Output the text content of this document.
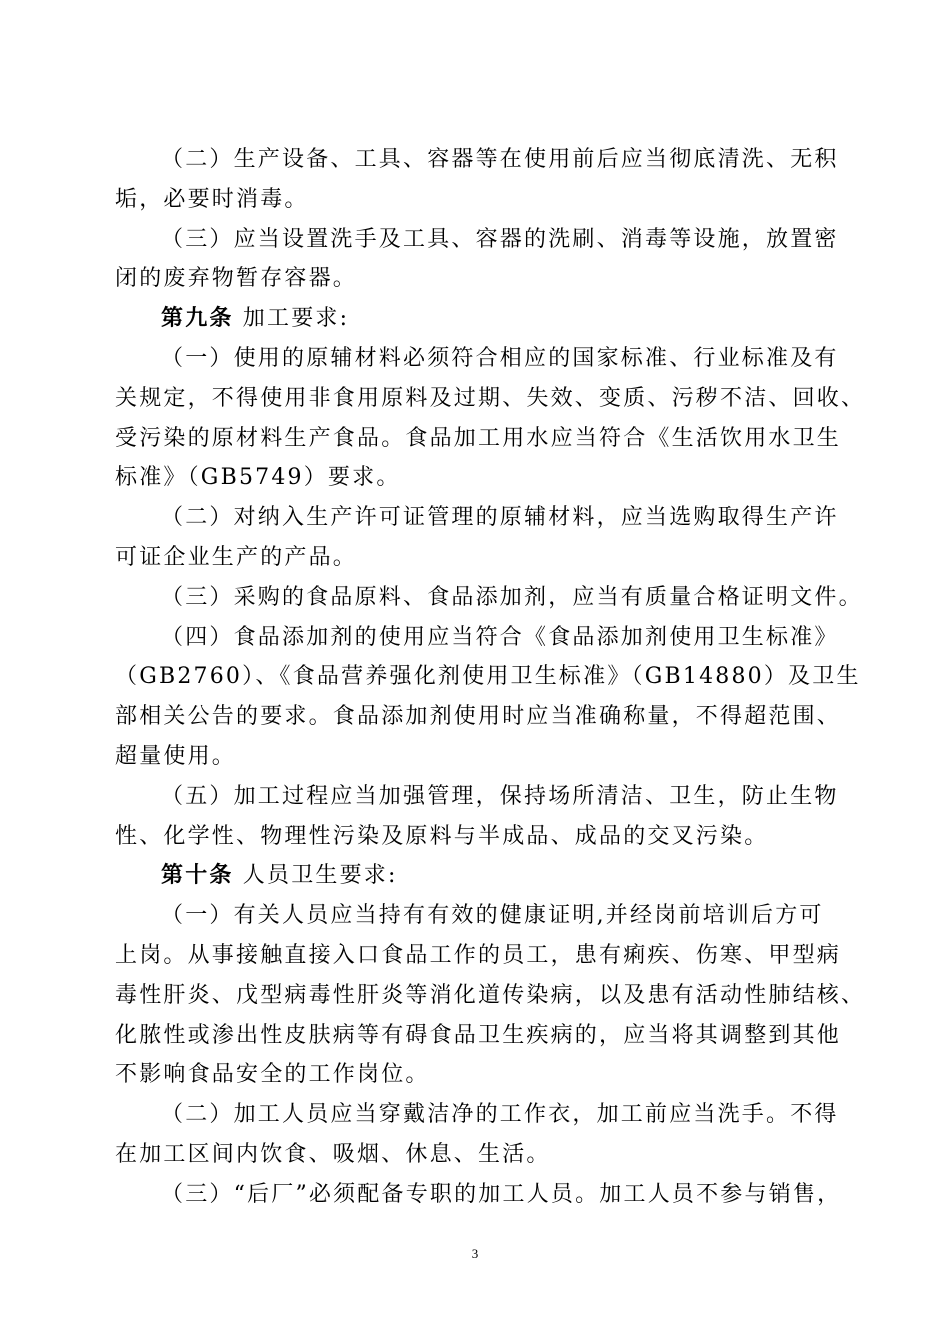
（二）生产设备、工具、容器等在使用前后应当彻底清洗、无积
垢，必要时消毒。
（三）应当设置洗手及工具、容器的洗刷、消毒等设施，放置密
闭的废弃物暂存容器。
第九条 加工要求:
（一）使用的原辅材料必须符合相应的国家标准、行业标准及有
关规定，不得使用非食用原料及过期、失效、变质、污秽不洁、回收、
受污染的原材料生产食品。食品加工用水应当符合《生活饮用水卫生
标准》（GB5749）要求。
（二）对纳入生产许可证管理的原辅材料，应当选购取得生产许
可证企业生产的产品。
（三）采购的食品原料、食品添加剂，应当有质量合格证明文件。
（四）食品添加剂的使用应当符合《食品添加剂使用卫生标准》
（GB2760）、《食品营养强化剂使用卫生标准》（GB14880）及卫生
部相关公告的要求。食品添加剂使用时应当准确称量，不得超范围、
超量使用。
（五）加工过程应当加强管理，保持场所清洁、卫生，防止生物
性、化学性、物理性污染及原料与半成品、成品的交叉污染。
第十条 人员卫生要求:
（一）有关人员应当持有有效的健康证明,并经岗前培训后方可
上岗。从事接触直接入口食品工作的员工，患有痢疾、伤寒、甲型病
毒性肝炎、戊型病毒性肝炎等消化道传染病，以及患有活动性肺结核、
化脓性或渗出性皮肤病等有碍食品卫生疾病的，应当将其调整到其他
不影响食品安全的工作岗位。
（二）加工人员应当穿戴洁净的工作衣，加工前应当洗手。不得
在加工区间内饮食、吸烟、休息、生活。
（三）“后厂”必须配备专职的加工人员。加工人员不参与销售，
3
